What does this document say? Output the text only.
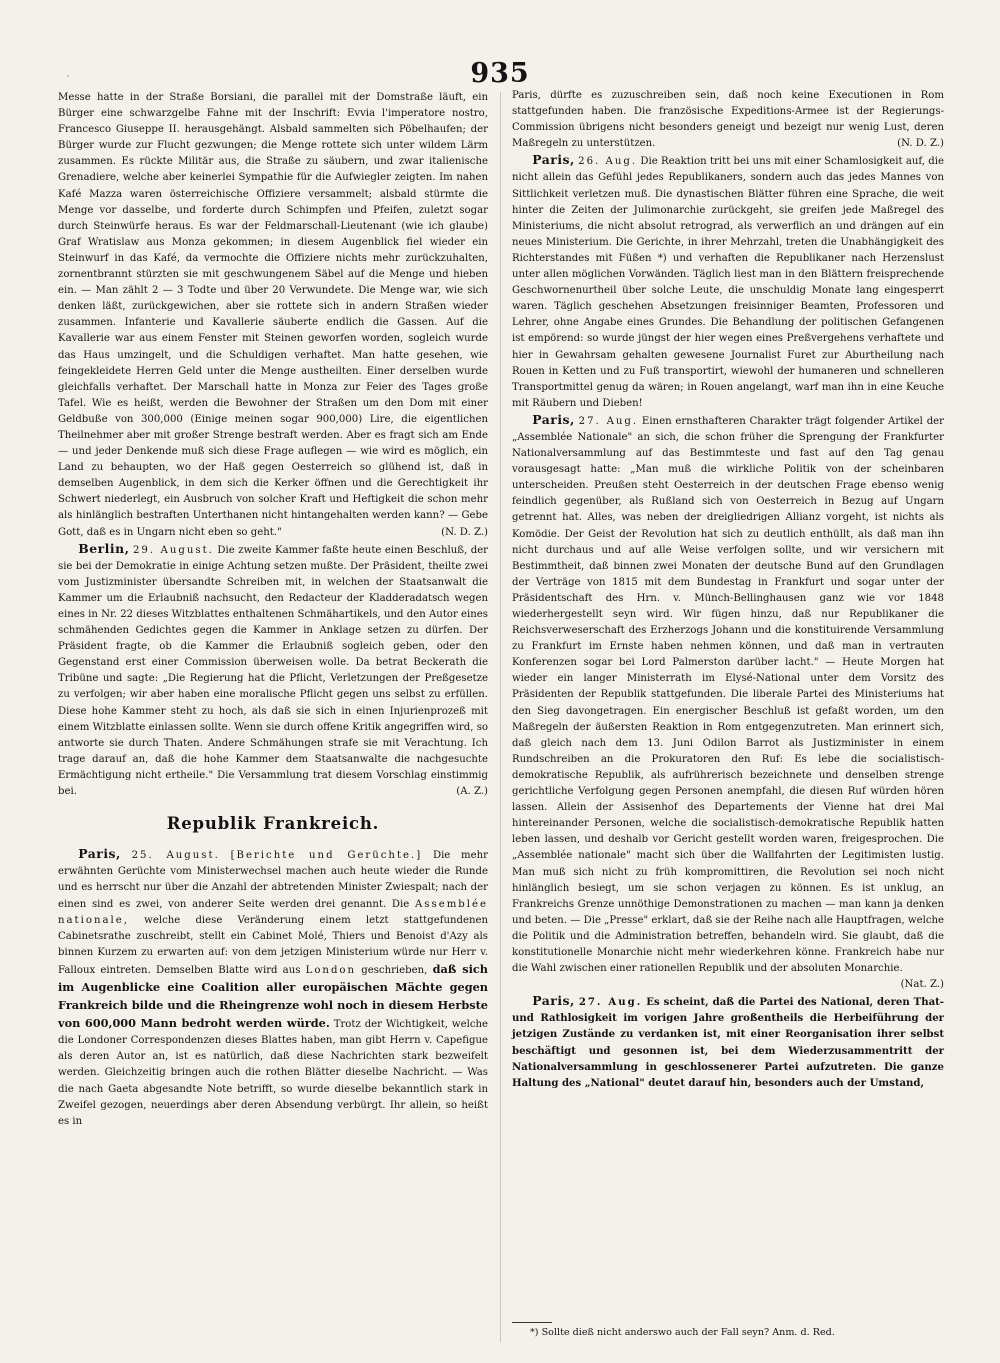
`	935

Messe hatte in der Straße Borsiani, die parallel mit der Domstraße läuft, ein Bürger eine schwarzgelbe Fahne mit der Inschrift: Evvia l'imperatore nostro, Francesco Giuseppe II. herausgehängt. Alsbald sammelten sich Pöbelhaufen; der Bürger wurde zur Flucht gezwungen; die Menge rottete sich unter wildem Lärm zusammen. Es rückte Militär aus, die Straße zu säubern, und zwar italienische Grenadiere, welche aber keinerlei Sympathie für die Aufwiegler zeigten. Im nahen Kafé Mazza waren österreichische Offiziere versammelt; alsbald stürmte die Menge vor dasselbe, und forderte durch Schimpfen und Pfeifen, zuletzt sogar durch Steinwürfe heraus. Es war der Feldmarschall-Lieutenant (wie ich glaube) Graf Wratislaw aus Monza gekommen; in diesem Augenblick fiel wieder ein Steinwurf in das Kafé, da vermochte die Offiziere nichts mehr zurückzuhalten, zornentbrannt stürzten sie mit geschwungenem Säbel auf die Menge und hieben ein. — Man zählt 2 — 3 Todte und über 20 Verwundete. Die Menge war, wie sich denken läßt, zurückgewichen, aber sie rottete sich in andern Straßen wieder zusammen. Infanterie und Kavallerie säuberte endlich die Gassen. Auf die Kavallerie war aus einem Fenster mit Steinen geworfen worden, sogleich wurde das Haus umzingelt, und die Schuldigen verhaftet. Man hatte gesehen, wie feingekleidete Herren Geld unter die Menge austheilten. Einer derselben wurde gleichfalls verhaftet. Der Marschall hatte in Monza zur Feier des Tages große Tafel. Wie es heißt, werden die Bewohner der Straßen um den Dom mit einer Geldbuße von 300,000 (Einige meinen sogar 900,000) Lire, die eigentlichen Theilnehmer aber mit großer Strenge bestraft werden. Aber es fragt sich am Ende — und jeder Denkende muß sich diese Frage auflegen — wie wird es möglich, ein Land zu behaupten, wo der Haß gegen Oesterreich so glühend ist, daß in demselben Augenblick, in dem sich die Kerker öffnen und die Gerechtigkeit ihr Schwert niederlegt, ein Ausbruch von solcher Kraft und Heftigkeit die schon mehr als hinlänglich bestraften Unterthanen nicht hintangehalten werden kann? — Gebe Gott, daß es in Ungarn nicht eben so geht."	(N. D. Z.)

Berlin, 29. August. Die zweite Kammer faßte heute einen Beschluß, der sie bei der Demokratie in einige Achtung setzen mußte. Der Präsident, theilte zwei vom Justizminister übersandte Schreiben mit, in welchen der Staatsanwalt die Kammer um die Erlaubniß nachsucht, den Redacteur der Kladderadatsch wegen eines in Nr. 22 dieses Witzblattes enthaltenen Schmähartikels, und den Autor eines schmähenden Gedichtes gegen die Kammer in Anklage setzen zu dürfen. Der Präsident fragte, ob die Kammer die Erlaubniß sogleich geben, oder den Gegenstand erst einer Commission überweisen wolle. Da betrat Beckerath die Tribüne und sagte: „Die Regierung hat die Pflicht, Verletzungen der Preßgesetze zu verfolgen; wir aber haben eine moralische Pflicht gegen uns selbst zu erfüllen. Diese hohe Kammer steht zu hoch, als daß sie sich in einen Injurienprozeß mit einem Witzblatte einlassen sollte. Wenn sie durch offene Kritik angegriffen wird, so antworte sie durch Thaten. Andere Schmähungen strafe sie mit Verachtung. Ich trage darauf an, daß die hohe Kammer dem Staatsanwalte die nachgesuchte Ermächtigung nicht ertheile." Die Versammlung trat diesem Vorschlag einstimmig bei.	(A. Z.)

Republik Frankreich.

Paris, 25. August. [Berichte und Gerüchte.] Die mehr erwähnten Gerüchte vom Ministerwechsel machen auch heute wieder die Runde und es herrscht nur über die Anzahl der abtretenden Minister Zwiespalt; nach der einen sind es zwei, von anderer Seite werden drei genannt. Die Assemblée nationale, welche diese Veränderung einem letzt stattgefundenen Cabinetsrathe zuschreibt, stellt ein Cabinet Molé, Thiers und Benoist d'Azy als binnen Kurzem zu erwarten auf: von dem jetzigen Ministerium würde nur Herr v. Falloux eintreten. Demselben Blatte wird aus London geschrieben, daß sich im Augenblicke eine Coalition aller europäischen Mächte gegen Frankreich bilde und die Rheingrenze wohl noch in diesem Herbste von 600,000 Mann bedroht werden würde. Trotz der Wichtigkeit, welche die Londoner Correspondenzen dieses Blattes haben, man gibt Herrn v. Capefigue als deren Autor an, ist es natürlich, daß diese Nachrichten stark bezweifelt werden. Gleichzeitig bringen auch die rothen Blätter dieselbe Nachricht. — Was die nach Gaeta abgesandte Note betrifft, so wurde dieselbe bekanntlich stark in Zweifel gezogen, neuerdings aber deren Absendung verbürgt. Ihr allein, so heißt es in

Paris, dürfte es zuzuschreiben sein, daß noch keine Executionen in Rom stattgefunden haben. Die französische Expeditions-Armee ist der Regierungs-Commission übrigens nicht besonders geneigt und bezeigt nur wenig Lust, deren Maßregeln zu unterstützen.	(N. D. Z.)

Paris, 26. Aug. Die Reaktion tritt bei uns mit einer Schamlosigkeit auf, die nicht allein das Gefühl jedes Republikaners, sondern auch das jedes Mannes von Sittlichkeit verletzen muß. Die dynastischen Blätter führen eine Sprache, die weit hinter die Zeiten der Julimonarchie zurückgeht, sie greifen jede Maßregel des Ministeriums, die nicht absolut retrograd, als verwerflich an und drängen auf ein neues Ministerium. Die Gerichte, in ihrer Mehrzahl, treten die Unabhängigkeit des Richterstandes mit Füßen *) und verhaften die Republikaner nach Herzenslust unter allen möglichen Vorwänden. Täglich liest man in den Blättern freisprechende Geschwornenurtheil über solche Leute, die unschuldig Monate lang eingesperrt waren. Täglich geschehen Absetzungen freisinniger Beamten, Professoren und Lehrer, ohne Angabe eines Grundes. Die Behandlung der politischen Gefangenen ist empörend: so wurde jüngst der hier wegen eines Preßvergehens verhaftete und hier in Gewahrsam gehalten gewesene Journalist Furet zur Aburtheilung nach Rouen in Ketten und zu Fuß transportirt, wiewohl der humaneren und schnelleren Transportmittel genug da wären; in Rouen angelangt, warf man ihn in eine Keuche mit Räubern und Dieben!

Paris, 27. Aug. Einen ernsthafteren Charakter trägt folgender Artikel der „Assemblée Nationale" an sich, die schon früher die Sprengung der Frankfurter Nationalversammlung auf das Bestimmteste und fast auf den Tag genau vorausgesagt hatte: „Man muß die wirkliche Politik von der scheinbaren unterscheiden. Preußen steht Oesterreich in der deutschen Frage ebenso wenig feindlich gegenüber, als Rußland sich von Oesterreich in Bezug auf Ungarn getrennt hat. Alles, was neben der dreigliedrigen Allianz vorgeht, ist nichts als Komödie. Der Geist der Revolution hat sich zu deutlich enthüllt, als daß man ihn nicht durchaus und auf alle Weise verfolgen sollte, und wir versichern mit Bestimmtheit, daß binnen zwei Monaten der deutsche Bund auf den Grundlagen der Verträge von 1815 mit dem Bundestag in Frankfurt und sogar unter der Präsidentschaft des Hrn. v. Münch-Bellinghausen ganz wie vor 1848 wiederhergestellt seyn wird. Wir fügen hinzu, daß nur Republikaner die Reichsverweserschaft des Erzherzogs Johann und die konstituirende Versammlung zu Frankfurt im Ernste haben nehmen können, und daß man in vertrauten Konferenzen sogar bei Lord Palmerston darüber lacht." — Heute Morgen hat wieder ein langer Ministerrath im Elysé-National unter dem Vorsitz des Präsidenten der Republik stattgefunden. Die liberale Partei des Ministeriums hat den Sieg davongetragen. Ein energischer Beschluß ist gefaßt worden, um den Maßregeln der äußersten Reaktion in Rom entgegenzutreten. Man erinnert sich, daß gleich nach dem 13. Juni Odilon Barrot als Justizminister in einem Rundschreiben an die Prokuratoren den Ruf: Es lebe die socialistisch-demokratische Republik, als aufrührerisch bezeichnete und denselben strenge gerichtliche Verfolgung gegen Personen anempfahl, die diesen Ruf würden hören lassen. Allein der Assisenhof des Departements der Vienne hat drei Mal hintereinander Personen, welche die socialistisch-demokratische Republik hatten leben lassen, und deshalb vor Gericht gestellt worden waren, freigesprochen. Die „Assemblée nationale" macht sich über die Wallfahrten der Legitimisten lustig. Man muß sich nicht zu früh kompromittiren, die Revolution sei noch nicht hinlänglich besiegt, um sie schon verjagen zu können. Es ist unklug, an Frankreichs Grenze unnöthige Demonstrationen zu machen — man kann ja denken und beten. — Die „Presse" erklart, daß sie der Reihe nach alle Hauptfragen, welche die Politik und die Administration betreffen, behandeln wird. Sie glaubt, daß die konstitutionelle Monarchie nicht mehr wiederkehren könne. Frankreich habe nur die Wahl zwischen einer rationellen Republik und der absoluten Monarchie.
(Nat. Z.)

Paris, 27. Aug. Es scheint, daß die Partei des National, deren That- und Rathlosigkeit im vorigen Jahre großentheils die Herbeiführung der jetzigen Zustände zu verdanken ist, mit einer Reorganisation ihrer selbst beschäftigt und gesonnen ist, bei dem Wiederzusammentritt der Nationalversammlung in geschlossenerer Partei aufzutreten. Die ganze Haltung des „National" deutet darauf hin, besonders auch der Umstand,

*) Sollte dieß nicht anderswo auch der Fall seyn? Anm. d. Red.
